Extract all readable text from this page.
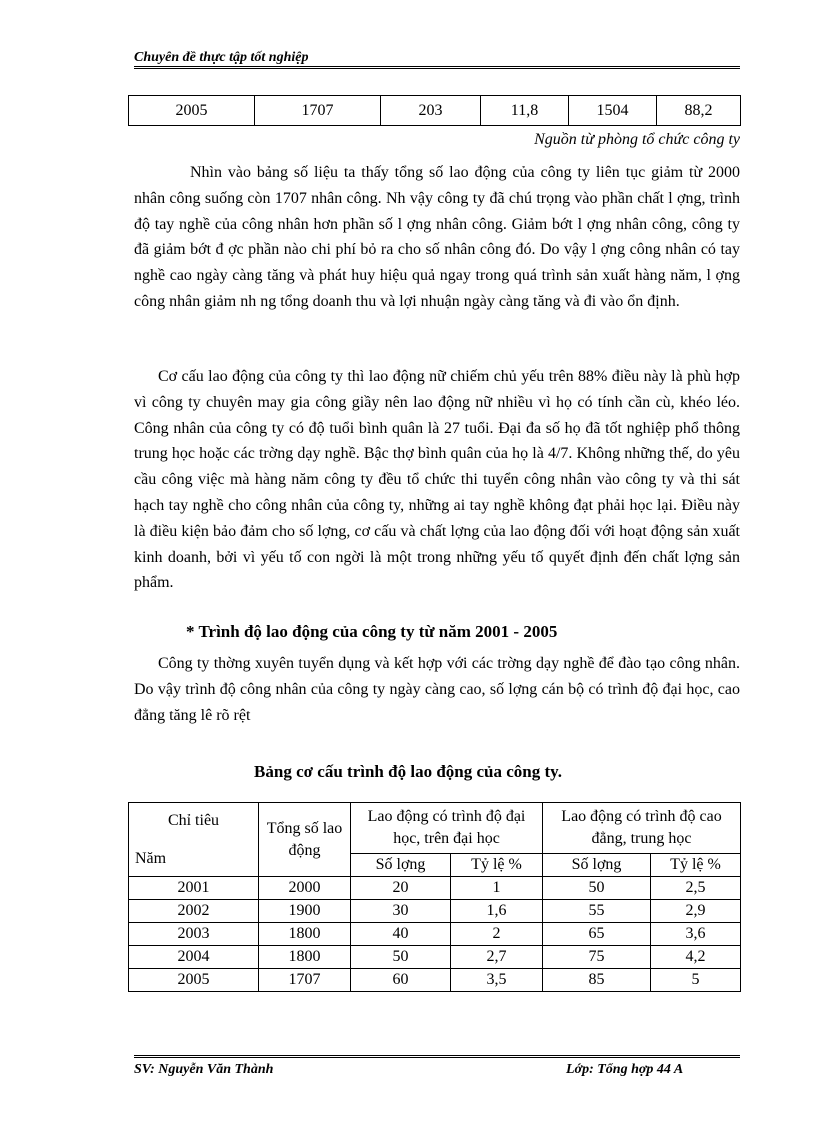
Chuyên đề thực tập tốt nghiệp
2005	1707	203	11,8	1504	88,2
Nguồn từ phòng tổ chức công ty

Nhìn vào bảng số liệu ta thấy tổng số lao động của công ty liên tục giảm từ 2000 nhân công suống còn 1707 nhân công. Nh vậy công ty đã chú trọng vào phần chất l ợng, trình độ tay nghề của công nhân hơn phần số l ợng nhân công. Giảm bớt l ợng nhân công, công ty đã giảm bớt đ ợc phần nào chi phí bỏ ra cho số nhân công đó. Do vậy l ợng công nhân có tay nghề cao ngày càng tăng và phát huy hiệu quả ngay trong quá trình sản xuất hàng năm, l ợng công nhân giảm nh ng tổng doanh thu và lợi nhuận ngày càng tăng và đi vào ổn định.

Cơ cấu lao động của công ty thì lao động nữ chiếm chủ yếu trên 88% điều này là phù hợp vì công ty chuyên may gia công giầy nên lao động nữ nhiều vì họ có tính cần cù, khéo léo. Công nhân của công ty có độ tuổi bình quân là 27 tuổi. Đại đa số họ đã tốt nghiệp phổ thông trung học hoặc các trờng dạy nghề. Bậc thợ bình quân của họ là 4/7. Không những thế, do yêu cầu công việc mà hàng năm công ty đều tổ chức thi tuyển công nhân vào công ty và thi sát hạch tay nghề cho công nhân của công ty, những ai tay nghề không đạt phải học lại. Điều này là điều kiện bảo đảm cho số lợng, cơ cấu và chất lợng của lao động đối với hoạt động sản xuất kinh doanh, bởi vì yếu tố con ngời là một trong những yếu tố quyết định đến chất lợng sản phẩm.

* Trình độ lao động của công ty từ năm 2001 - 2005

Công ty thờng xuyên tuyển dụng và kết hợp với các trờng dạy nghề để đào tạo công nhân. Do vậy trình độ công nhân của công ty ngày càng cao, số lợng cán bộ có trình độ đại học, cao đẳng tăng lê rõ rệt

Bảng cơ cấu trình độ lao động của công ty.
Chỉ tiêu
Năm	Tổng số lao động	Lao động có trình độ đại học, trên đại học		Lao động có trình độ cao đẳng, trung học	
		Số lợng	Tỷ lệ %	Số lợng	Tỷ lệ %
2001	2000	20	1	50	2,5
2002	1900	30	1,6	55	2,9
2003	1800	40	2	65	3,6
2004	1800	50	2,7	75	4,2
2005	1707	60	3,5	85	5
SV: Nguyễn Văn Thành	Lớp: Tổng hợp 44 A
